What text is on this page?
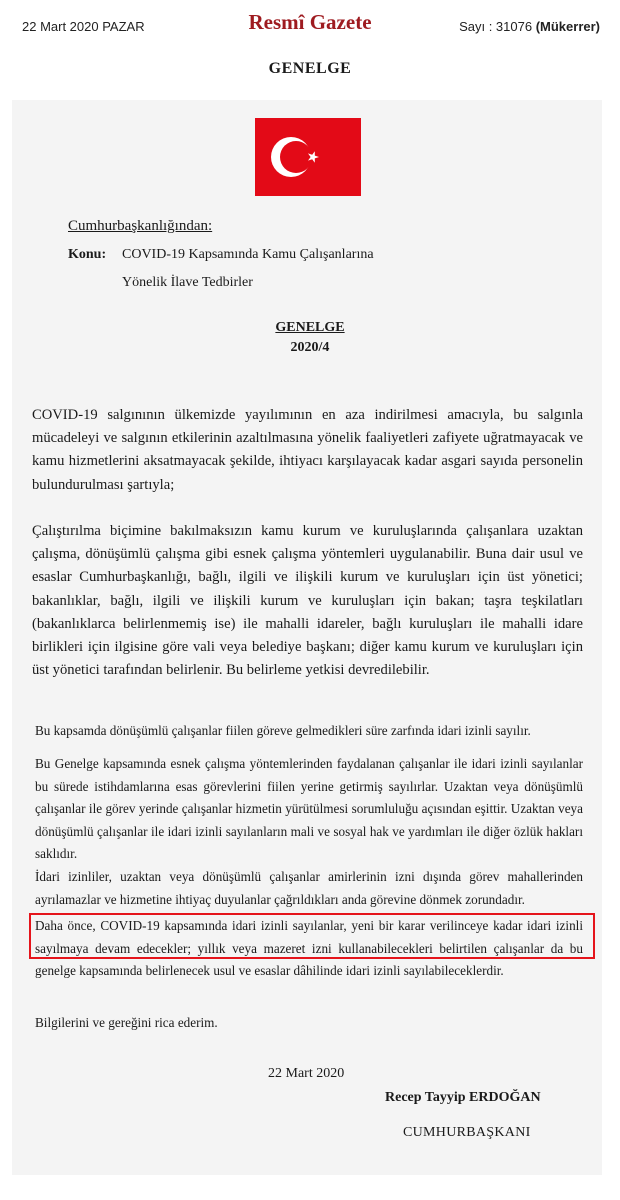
22 Mart 2020 PAZAR	Resmî Gazete	Sayı : 31076 (Mükerrer)
GENELGE
Cumhurbaşkanlığından:
Konu: COVID-19 Kapsamında Kamu Çalışanlarına
Yönelik İlave Tedbirler
GENELGE
2020/4
COVID-19 salgınının ülkemizde yayılımının en aza indirilmesi amacıyla, bu salgınla mücadeleyi ve salgının etkilerinin azaltılmasına yönelik faaliyetleri zafiyete uğratmayacak ve kamu hizmetlerini aksatmayacak şekilde, ihtiyacı karşılayacak kadar asgari sayıda personelin bulundurulması şartıyla;
Çalıştırılma biçimine bakılmaksızın kamu kurum ve kuruluşlarında çalışanlara uzaktan çalışma, dönüşümlü çalışma gibi esnek çalışma yöntemleri uygulanabilir. Buna dair usul ve esaslar Cumhurbaşkanlığı, bağlı, ilgili ve ilişkili kurum ve kuruluşları için üst yönetici; bakanlıklar, bağlı, ilgili ve ilişkili kurum ve kuruluşları için bakan; taşra teşkilatları (bakanlıklarca belirlenmemiş ise) ile mahalli idareler, bağlı kuruluşları ile mahalli idare birlikleri için ilgisine göre vali veya belediye başkanı; diğer kamu kurum ve kuruluşları için üst yönetici tarafından belirlenir. Bu belirleme yetkisi devredilebilir.
Bu kapsamda dönüşümlü çalışanlar fiilen göreve gelmedikleri süre zarfında idari izinli sayılır.
Bu Genelge kapsamında esnek çalışma yöntemlerinden faydalanan çalışanlar ile idari izinli sayılanlar bu sürede istihdamlarına esas görevlerini fiilen yerine getirmiş sayılırlar. Uzaktan veya dönüşümlü çalışanlar ile görev yerinde çalışanlar hizmetin yürütülmesi sorumluluğu açısından eşittir. Uzaktan veya dönüşümlü çalışanlar ile idari izinli sayılanların mali ve sosyal hak ve yardımları ile diğer özlük hakları saklıdır.
İdari izinliler, uzaktan veya dönüşümlü çalışanlar amirlerinin izni dışında görev mahallerinden ayrılamazlar ve hizmetine ihtiyaç duyulanlar çağrıldıkları anda görevine dönmek zorundadır.
Daha önce, COVID-19 kapsamında idari izinli sayılanlar, yeni bir karar verilinceye kadar idari izinli sayılmaya devam edecekler; yıllık veya mazeret izni kullanabilecekleri belirtilen çalışanlar da bu genelge kapsamında belirlenecek usul ve esaslar dâhilinde idari izinli sayılabileceklerdir.
Bilgilerini ve gereğini rica ederim.
22 Mart 2020
Recep Tayyip ERDOĞAN
CUMHURBAŞKANI
